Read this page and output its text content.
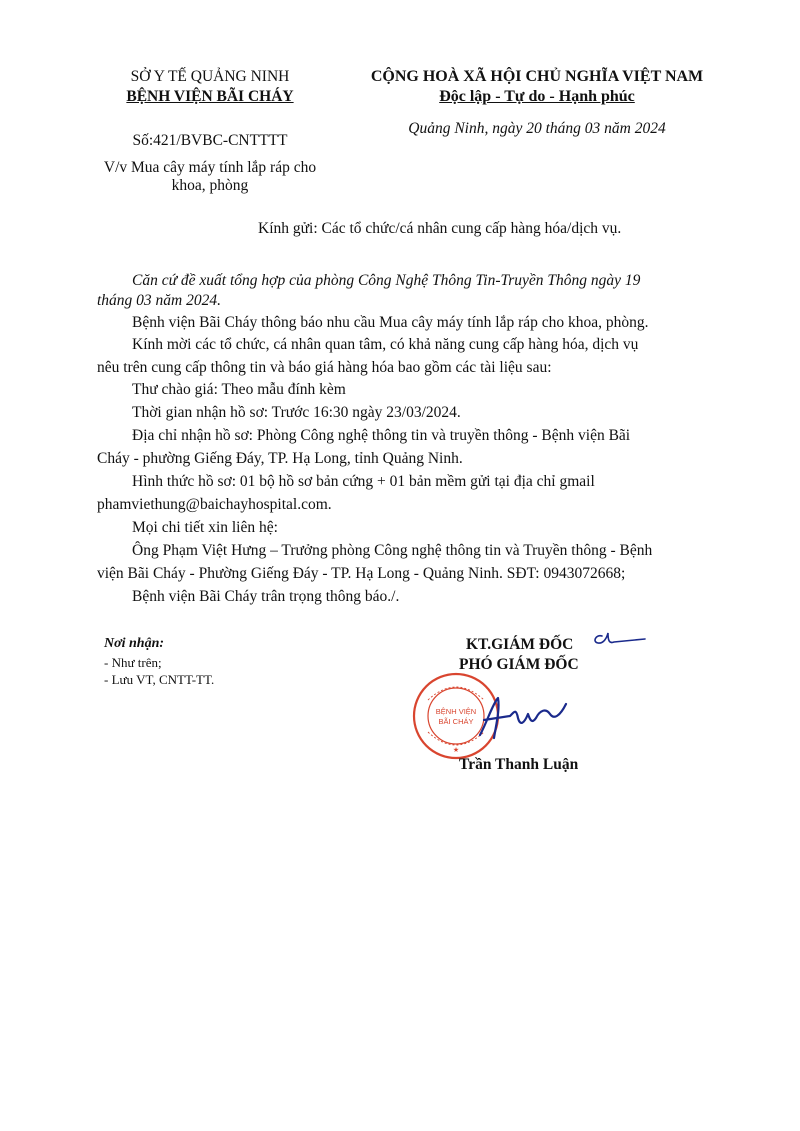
SỞ Y TẾ QUẢNG NINH
BỆNH VIỆN BÃI CHÁY
Số:421/BVBC-CNTTTT
V/v Mua cây máy tính lắp ráp cho
khoa, phòng
CỘNG HOÀ XÃ HỘI CHỦ NGHĨA VIỆT NAM
Độc lập - Tự do - Hạnh phúc
Quảng Ninh, ngày 20 tháng 03 năm 2024
Kính gửi: Các tổ chức/cá nhân cung cấp hàng hóa/dịch vụ.
Căn cứ đề xuất tổng hợp của phòng Công Nghệ Thông Tin-Truyền Thông ngày 19
tháng 03 năm 2024.
Bệnh viện Bãi Cháy thông báo nhu cầu Mua cây máy tính lắp ráp cho khoa, phòng.
Kính mời các tổ chức, cá nhân quan tâm, có khả năng cung cấp hàng hóa, dịch vụ
nêu trên cung cấp thông tin và báo giá hàng hóa bao gồm các tài liệu sau:
Thư chào giá: Theo mẫu đính kèm
Thời gian nhận hồ sơ: Trước 16:30 ngày 23/03/2024.
Địa chỉ nhận hồ sơ: Phòng Công nghệ thông tin và truyền thông - Bệnh viện Bãi
Cháy - phường Giếng Đáy, TP. Hạ Long, tỉnh Quảng Ninh.
Hình thức hồ sơ: 01 bộ hồ sơ bản cứng + 01 bản mềm gửi tại địa chỉ gmail
phamviethung@baichayhospital.com.
Mọi chi tiết xin liên hệ:
Ông Phạm Việt Hưng – Trưởng phòng Công nghệ thông tin và Truyền thông - Bệnh
viện Bãi Cháy - Phường Giếng Đáy - TP. Hạ Long - Quảng Ninh. SĐT: 0943072668;
Bệnh viện Bãi Cháy trân trọng thông báo./.
Nơi nhận:
- Như trên;
- Lưu VT, CNTT-TT.
KT.GIÁM ĐỐC
PHÓ GIÁM ĐỐC
BỆNH VIỆN
BÃI CHÁY
★
Trần Thanh Luận
